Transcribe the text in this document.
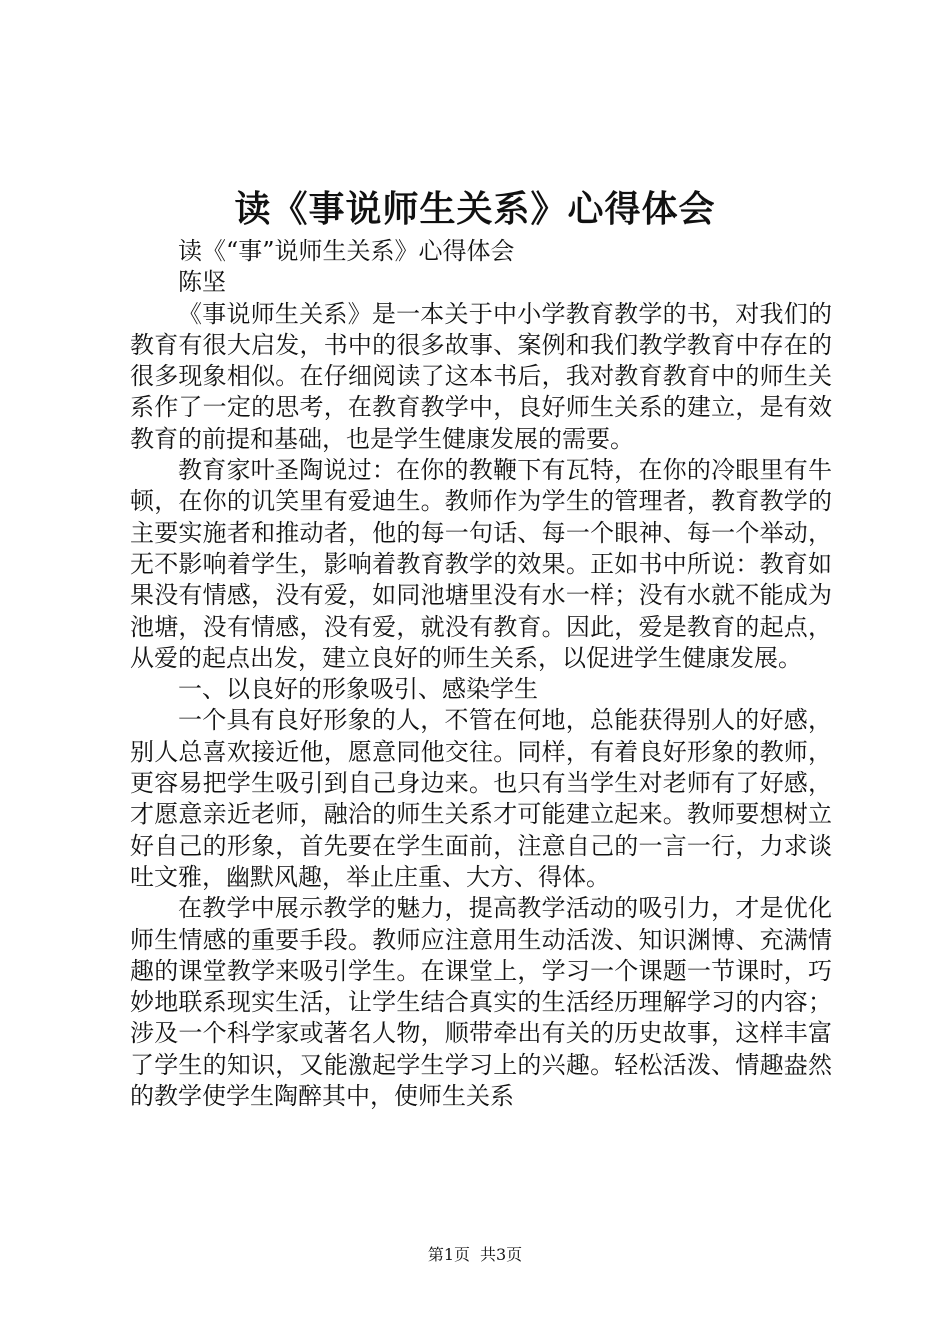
读《事说师生关系》心得体会

读《“事”说师生关系》心得体会

陈坚

《事说师生关系》是一本关于中小学教育教学的书，对我们的教育有很大启发，书中的很多故事、案例和我们教学教育中存在的很多现象相似。在仔细阅读了这本书后，我对教育教育中的师生关系作了一定的思考，在教育教学中，良好师生关系的建立，是有效教育的前提和基础，也是学生健康发展的需要。

教育家叶圣陶说过：在你的教鞭下有瓦特，在你的冷眼里有牛顿，在你的讥笑里有爱迪生。教师作为学生的管理者，教育教学的主要实施者和推动者，他的每一句话、每一个眼神、每一个举动，无不影响着学生，影响着教育教学的效果。正如书中所说：教育如果没有情感，没有爱，如同池塘里没有水一样；没有水就不能成为池塘，没有情感，没有爱，就没有教育。因此，爱是教育的起点，从爱的起点出发，建立良好的师生关系，以促进学生健康发展。

一、以良好的形象吸引、感染学生

一个具有良好形象的人，不管在何地，总能获得别人的好感，别人总喜欢接近他，愿意同他交往。同样，有着良好形象的教师，更容易把学生吸引到自己身边来。也只有当学生对老师有了好感，才愿意亲近老师，融洽的师生关系才可能建立起来。教师要想树立好自己的形象，首先要在学生面前，注意自己的一言一行，力求谈吐文雅，幽默风趣，举止庄重、大方、得体。

在教学中展示教学的魅力，提高教学活动的吸引力，才是优化师生情感的重要手段。教师应注意用生动活泼、知识渊博、充满情趣的课堂教学来吸引学生。在课堂上，学习一个课题一节课时，巧妙地联系现实生活，让学生结合真实的生活经历理解学习的内容；涉及一个科学家或著名人物，顺带牵出有关的历史故事，这样丰富了学生的知识，又能激起学生学习上的兴趣。轻松活泼、情趣盎然的教学使学生陶醉其中，使师生关系

第1页 共3页
